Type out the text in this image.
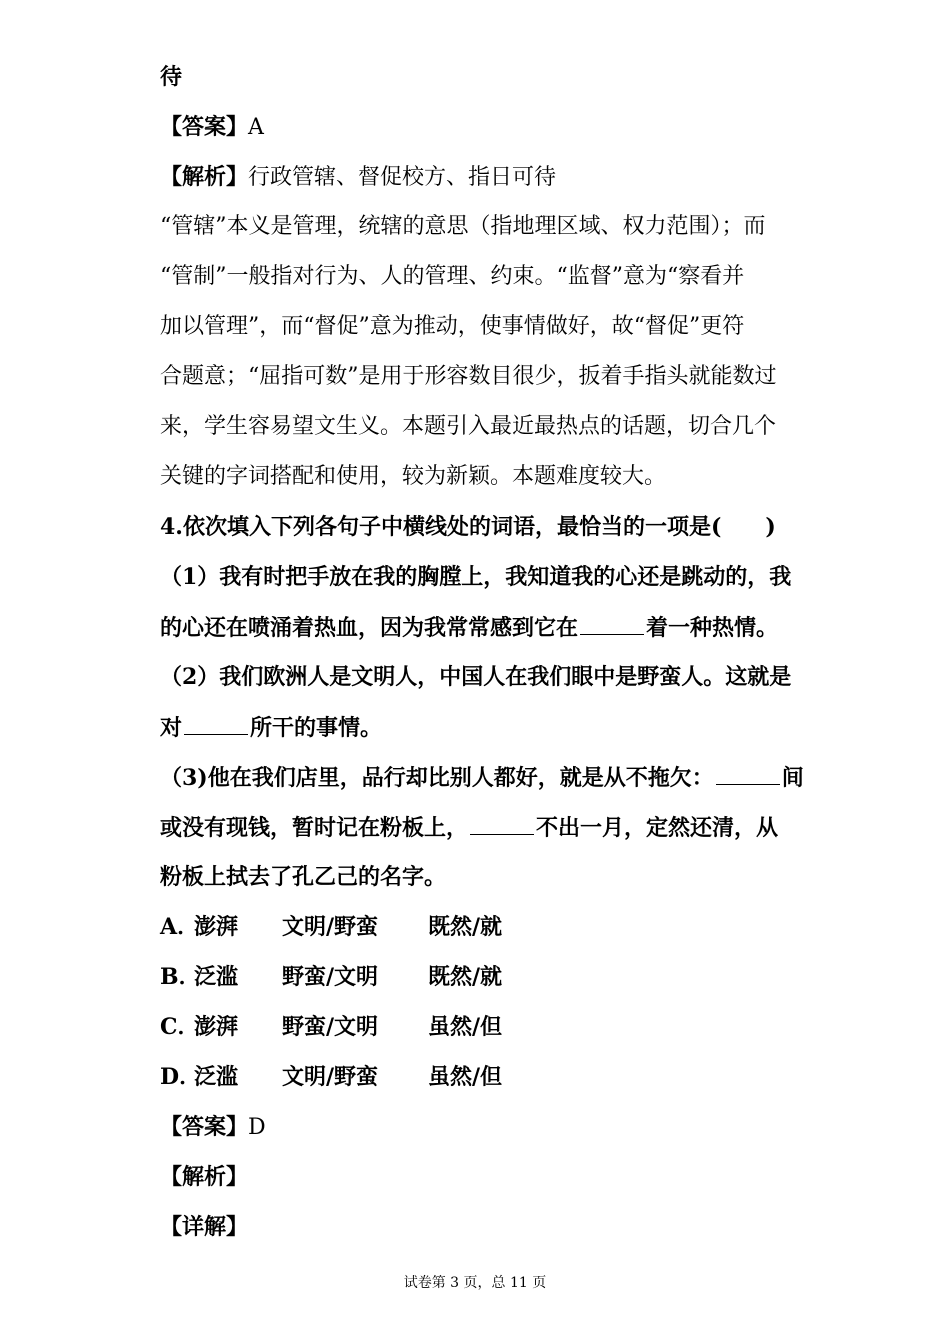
待
【答案】A
【解析】行政管辖、督促校方、指日可待
“管辖”本义是管理，统辖的意思（指地理区域、权力范围）；而
“管制”一般指对行为、人的管理、约束。“监督”意为“察看并
加以管理”，而“督促”意为推动，使事情做好，故“督促”更符
合题意；“屈指可数”是用于形容数目很少，扳着手指头就能数过
来，学生容易望文生义。本题引入最近最热点的话题，切合几个
关键的字词搭配和使用，较为新颖。本题难度较大。
4.依次填入下列各句子中横线处的词语，最恰当的一项是(　　)
（1）我有时把手放在我的胸膛上，我知道我的心还是跳动的，我
的心还在喷涌着热血，因为我常常感到它在	着一种热情。
（2）我们欧洲人是文明人，中国人在我们眼中是野蛮人。这就是
对	所干的事情。
（3)他在我们店里，品行却比别人都好，就是从不拖欠：	间
或没有现钱，暂时记在粉板上，	不出一月，定然还清，从
粉板上拭去了孔乙己的名字。
A．澎湃 文明/野蛮 既然/就
B．泛滥 野蛮/文明 既然/就
C．澎湃 野蛮/文明 虽然/但
D．泛滥 文明/野蛮 虽然/但
【答案】D
【解析】
【详解】
试卷第 3 页，总 11 页
